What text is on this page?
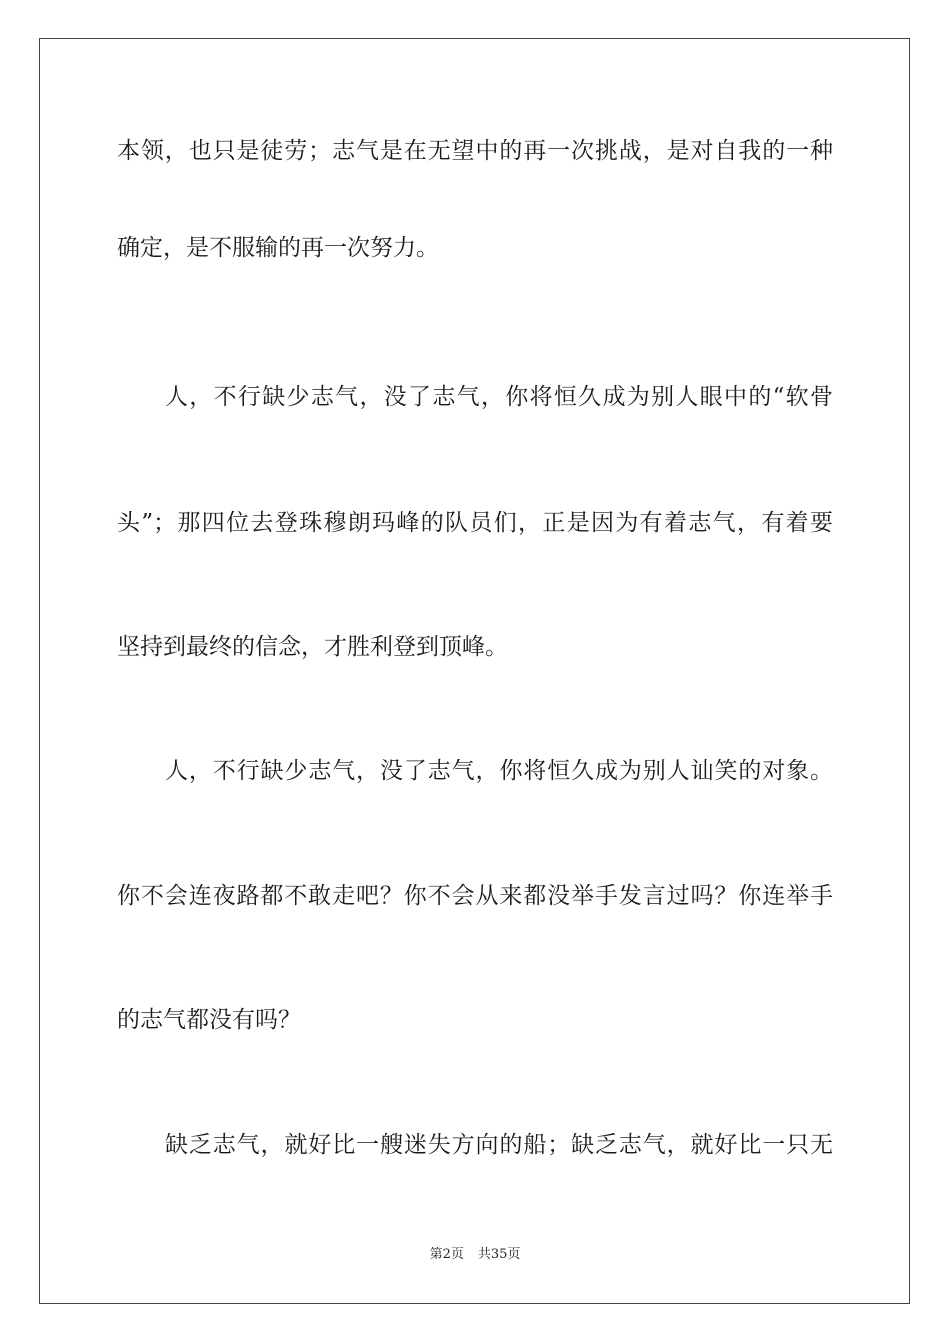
本领，也只是徒劳；志气是在无望中的再一次挑战，是对自我的一种
确定，是不服输的再一次努力。
人，不行缺少志气，没了志气，你将恒久成为别人眼中的“软骨
头”；那四位去登珠穆朗玛峰的队员们，正是因为有着志气，有着要
坚持到最终的信念，才胜利登到顶峰。
人，不行缺少志气，没了志气，你将恒久成为别人讪笑的对象。
你不会连夜路都不敢走吧？你不会从来都没举手发言过吗？你连举手
的志气都没有吗？
缺乏志气，就好比一艘迷失方向的船；缺乏志气，就好比一只无
第2页 共35页
